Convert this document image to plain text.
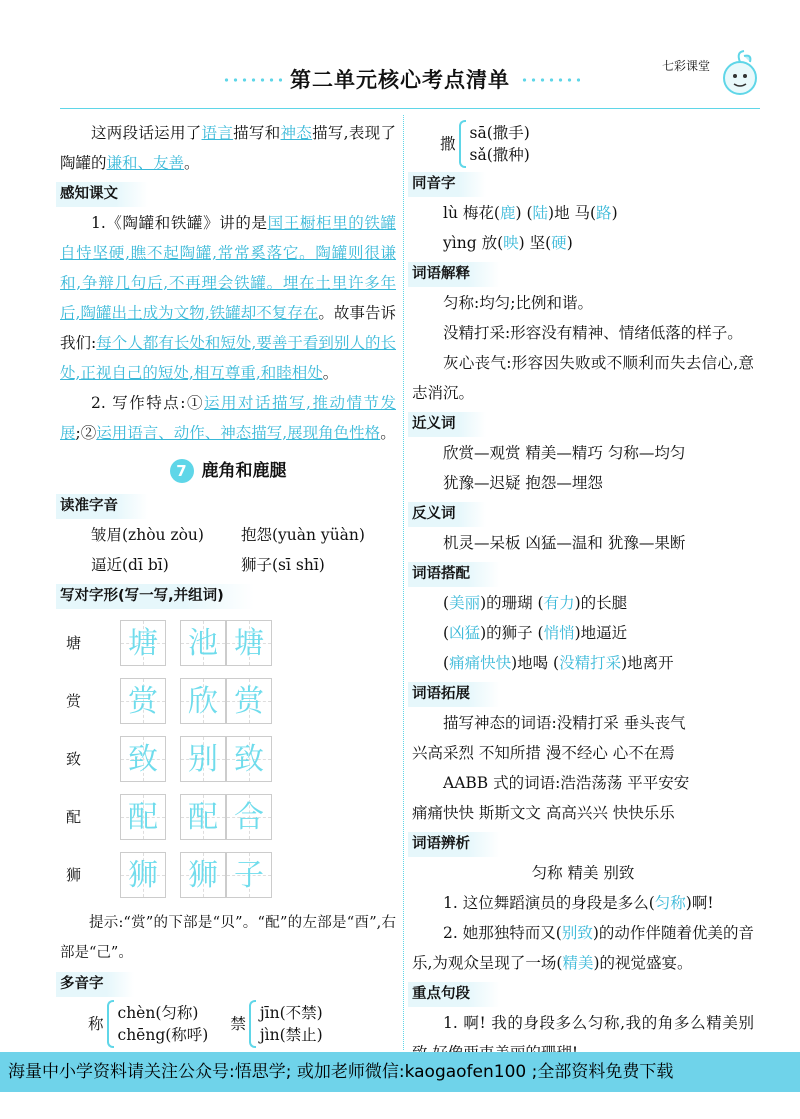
第二单元核心考点清单
七彩课堂

这两段话运用了语言描写和神态描写,表现了陶罐的谦和、友善。

感知课文

1.《陶罐和铁罐》讲的是国王橱柜里的铁罐自恃坚硬,瞧不起陶罐,常常奚落它。陶罐则很谦和,争辩几句后,不再理会铁罐。埋在土里许多年后,陶罐出土成为文物,铁罐却不复存在。故事告诉我们:每个人都有长处和短处,要善于看到别人的长处,正视自己的短处,相互尊重,和睦相处。

2. 写作特点:①运用对话描写,推动情节发展;②运用语言、动作、神态描写,展现角色性格。

7 鹿角和鹿腿
读准字音
皱眉(zhòu zòu) 抱怨(yuàn yüàn)
逼近(dī bī)	狮子(sī shī)
写对字形(写一写,并组词)
塘	塘 池 塘
赏	赏 欣 赏
致	致 别 致
配	配 配 合
狮	狮 狮 子

提示:“赏”的下部是“贝”。“配”的左部是“酉”,右部是“己”。

多音字
称
chèn(匀称)
chēng(称呼)
禁
jīn(不禁)
jìn(禁止)
撒
sā(撒手)
sǎ(撒种)
同音字
lù 梅花(鹿) (陆)地 马(路)
yìng 放(映) 坚(硬)
词语解释

匀称:均匀;比例和谐。

没精打采:形容没有精神、情绪低落的样子。

灰心丧气:形容因失败或不顺利而失去信心,意志消沉。

近义词
欣赏—观赏 精美—精巧 匀称—均匀
犹豫—迟疑 抱怨—埋怨
反义词
机灵—呆板 凶猛—温和 犹豫—果断
词语搭配
(美丽)的珊瑚 (有力)的长腿
(凶猛)的狮子 (悄悄)地逼近
(痛痛快快)地喝 (没精打采)地离开
词语拓展
描写神态的词语:没精打采 垂头丧气
兴高采烈 不知所措 漫不经心 心不在焉
AABB 式的词语:浩浩荡荡 平平安安
痛痛快快 斯斯文文 高高兴兴 快快乐乐
词语辨析
匀称 精美 别致

1. 这位舞蹈演员的身段是多么(匀称)啊!

2. 她那独特而又(别致)的动作伴随着优美的音乐,为观众呈现了一场(精美)的视觉盛宴。

重点句段

1. 啊! 我的身段多么匀称,我的角多么精美别

海量中小学资料请关注公众号:悟思学; 或加老师微信:kaogaofen100 ;全部资料免费下载
